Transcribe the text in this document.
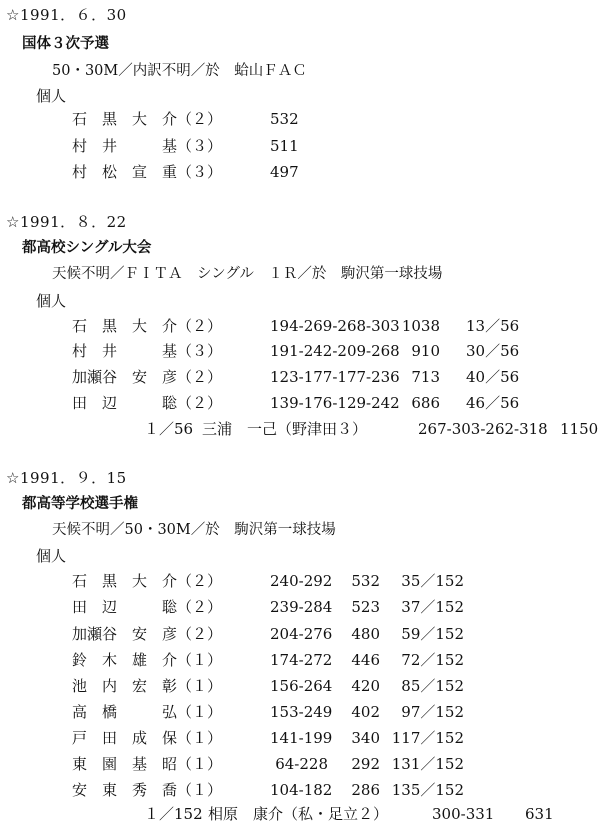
☆1991．６．30
国体３次予選
50・30M／内訳不明／於　蛤山ＦＡＣ
個人
石　黒　大　介（２）	532
村　井　　　基（３）	511
村　松　宣　重（３）	497
☆1991．８．22
都高校シングル大会
天候不明／ＦＩＴＡ　シングル　１Ｒ／於　駒沢第一球技場
個人
石　黒　大　介（２）	194-269-268-303 1038 13／56
村　井　　　基（３）	191-242-209-268 910 30／56
加瀬谷　安　彦（２）	123-177-177-236 713 40／56
田　辺　　　聡（２）	139-176-129-242 686 46／56
１／56 三浦　一己（野津田３）	267-303-262-318 1150
☆1991．９．15
都高等学校選手権
天候不明／50・30M／於　駒沢第一球技場
個人
石　黒　大　介（２）	240-292	532	35／152
田　辺　　　聡（２）	239-284	523	37／152
加瀬谷　安　彦（２）	204-276	480	59／152
鈴　木　雄　介（１）	174-272	446	72／152
池　内　宏　彰（１）	156-264	420	85／152
高　橋　　　弘（１）	153-249	402	97／152
戸　田　成　保（１）	141-199	340 117／152
東　園　基　昭（１）	64-228	292 131／152
安　東　秀　喬（１）	104-182	286 135／152
１／152 相原　康介（私・足立２）	300-331 631
